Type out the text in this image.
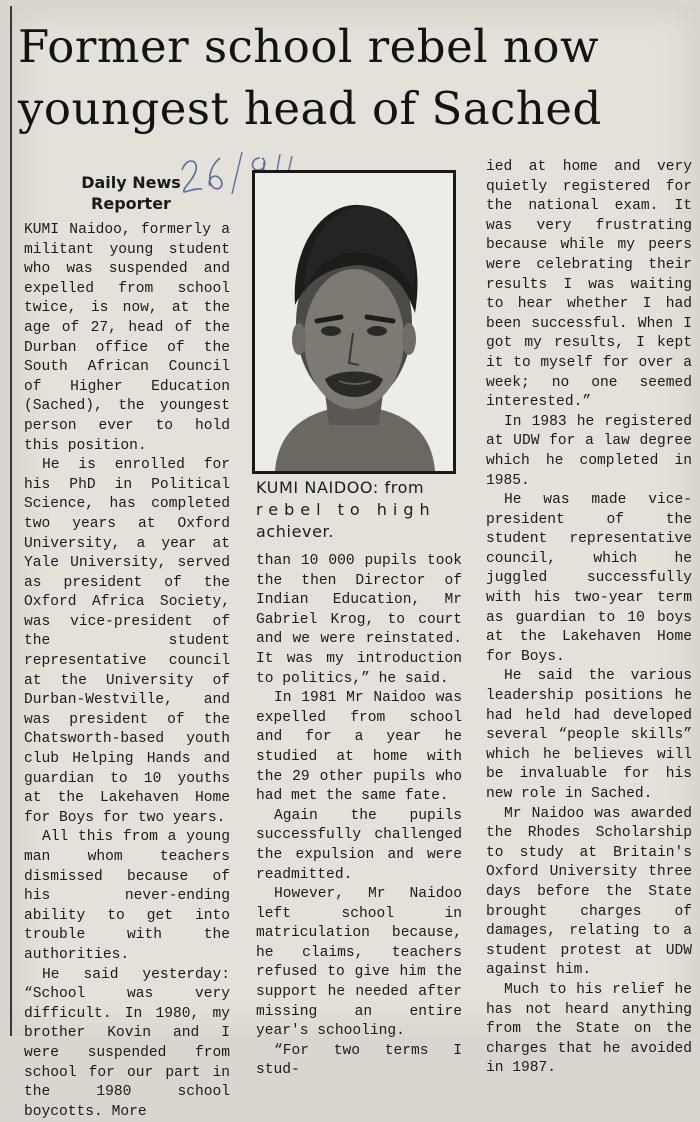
Former school rebel now
youngest head of Sached
Daily News
Reporter

KUMI Naidoo, formerly a militant young student who was suspended and expelled from school twice, is now, at the age of 27, head of the Durban office of the South African Council of Higher Education (Sached), the youngest person ever to hold this position.

He is enrolled for his PhD in Political Science, has completed two years at Oxford University, a year at Yale University, served as president of the Oxford Africa Society, was vice-president of the student representative council at the University of Durban-Westville, and was president of the Chatsworth-based youth club Helping Hands and guardian to 10 youths at the Lakehaven Home for Boys for two years.

All this from a young man whom teachers dismissed because of his never-ending ability to get into trouble with the authorities.

He said yesterday: “School was very difficult. In 1980, my brother Kovin and I were suspended from school for our part in the 1980 school boycotts. More

KUMI NAIDOO: from
rebel to high
achiever.

than 10 000 pupils took the then Director of Indian Education, Mr Gabriel Krog, to court and we were reinstated. It was my introduction to politics,” he said.

In 1981 Mr Naidoo was expelled from school and for a year he studied at home with the 29 other pupils who had met the same fate.

Again the pupils successfully challenged the expulsion and were readmitted.

However, Mr Naidoo left school in matriculation because, he claims, teachers refused to give him the support he needed after missing an entire year's schooling.

“For two terms I stud-

ied at home and very quietly registered for the national exam. It was very frustrating because while my peers were celebrating their results I was waiting to hear whether I had been successful. When I got my results, I kept it to myself for over a week; no one seemed interested.”

In 1983 he registered at UDW for a law degree which he completed in 1985.

He was made vice-president of the student representative council, which he juggled successfully with his two-year term as guardian to 10 boys at the Lakehaven Home for Boys.

He said the various leadership positions he had held had developed several “people skills” which he believes will be invaluable for his new role in Sached.

Mr Naidoo was awarded the Rhodes Scholarship to study at Britain's Oxford University three days before the State brought charges of damages, relating to a student protest at UDW against him.

Much to his relief he has not heard anything from the State on the charges that he avoided in 1987.
